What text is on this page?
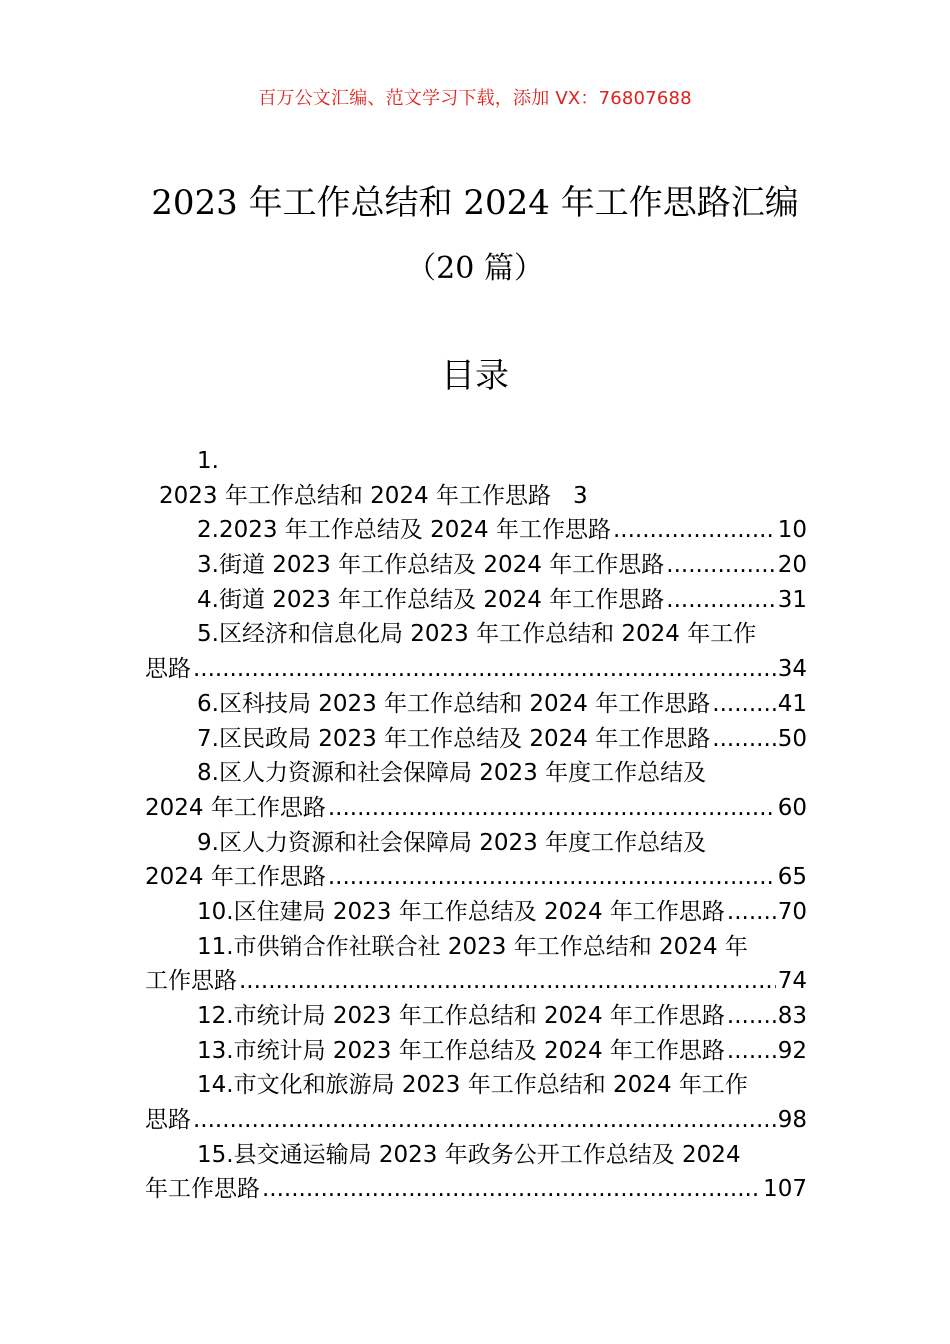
百万公文汇编、范文学习下载，添加 VX：76807688
2023 年工作总结和 2024 年工作思路汇编
（20 篇）
目录
1.
2023 年工作总结和 2024 年工作思路 3
2.2023 年工作总结及 2024 年工作思路 .....	10
3.街道 2023 年工作总结及 2024 年工作思路 .....	20
4.街道 2023 年工作总结及 2024 年工作思路 .....	31
5.区经济和信息化局 2023 年工作总结和 2024 年工作
思路 .....	34
6.区科技局 2023 年工作总结和 2024 年工作思路 .....	41
7.区民政局 2023 年工作总结及 2024 年工作思路 .....	50
8.区人力资源和社会保障局 2023 年度工作总结及
2024 年工作思路 .....	60
9.区人力资源和社会保障局 2023 年度工作总结及
2024 年工作思路 .....	65
10.区住建局 2023 年工作总结及 2024 年工作思路 ..... 70
11.市供销合作社联合社 2023 年工作总结和 2024 年
工作思路 .....	74
12.市统计局 2023 年工作总结和 2024 年工作思路 ..... 83
13.市统计局 2023 年工作总结及 2024 年工作思路 ..... 92
14.市文化和旅游局 2023 年工作总结和 2024 年工作
思路 .....	98
15.县交通运输局 2023 年政务公开工作总结及 2024
年工作思路 .....	107
